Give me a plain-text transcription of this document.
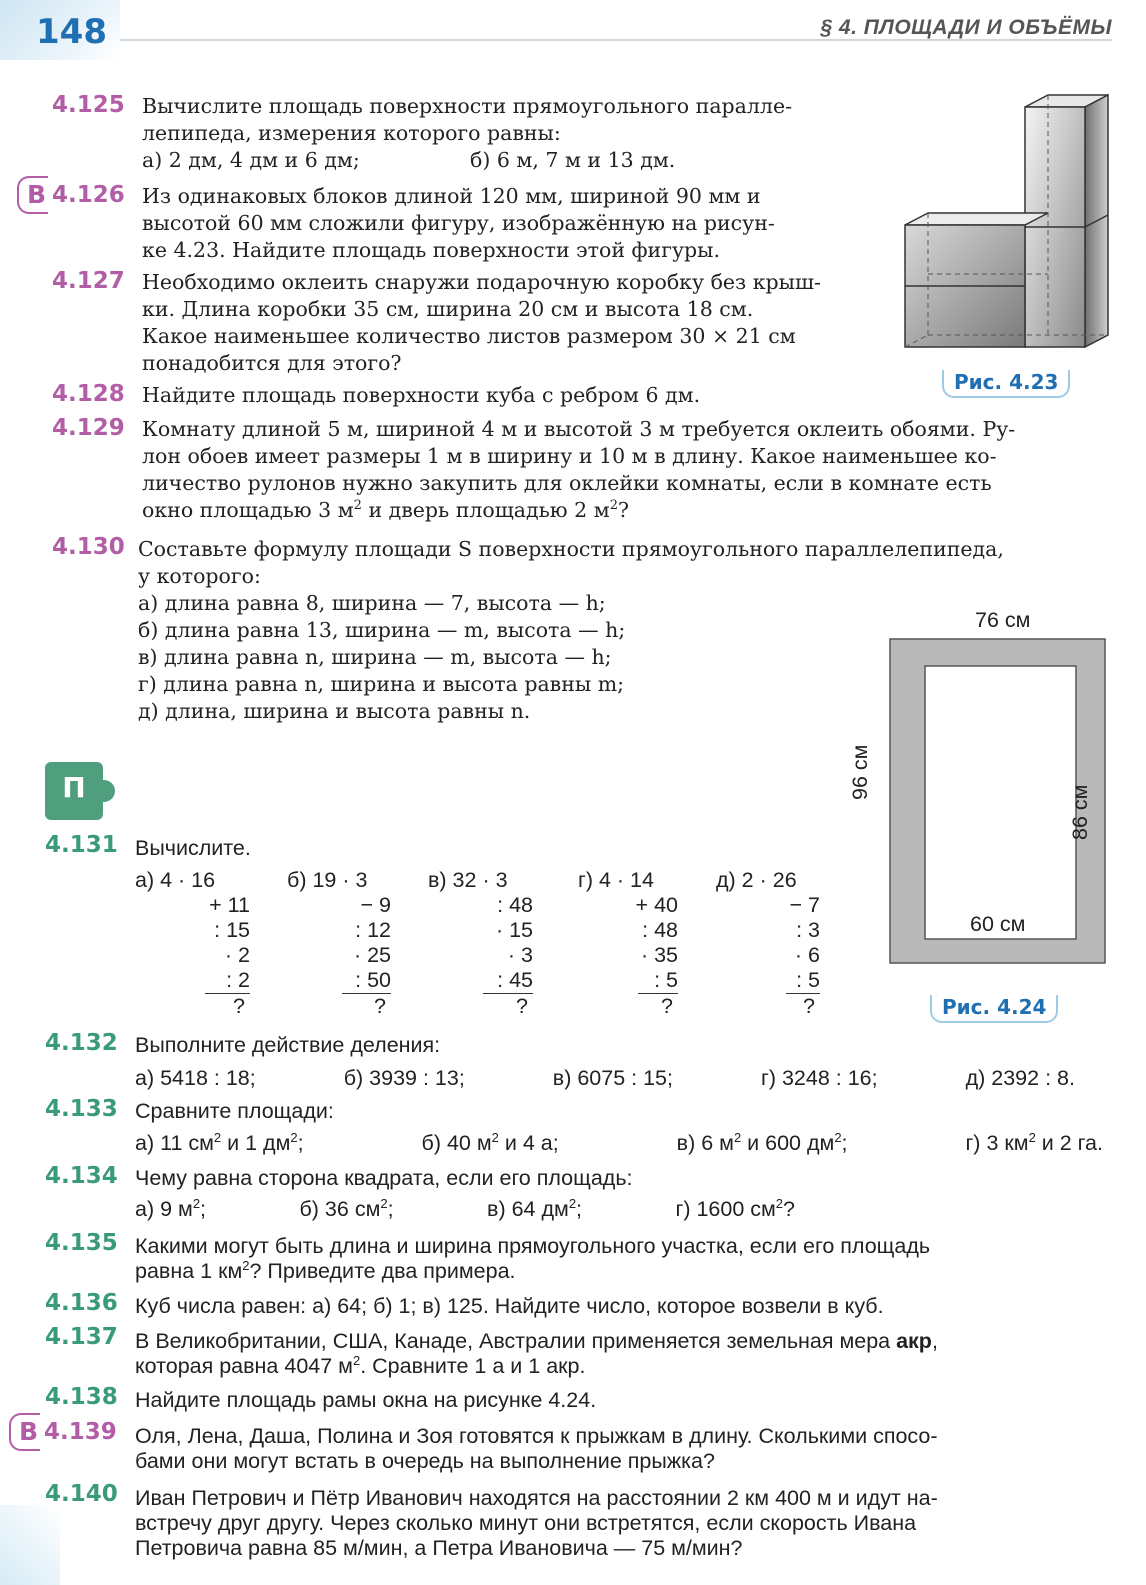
148	§ 4. ПЛОЩАДИ И ОБЪЁМЫ
4.125 Вычислите площадь поверхности прямоугольного паралле-
лепипеда, измерения которого равны:
а) 2 дм, 4 дм и 6 дм;	б) 6 м, 7 м и 13 дм.
В 4.126 Из одинаковых блоков длиной 120 мм, шириной 90 мм и
высотой 60 мм сложили фигуру, изображённую на рисун-
ке 4.23. Найдите площадь поверхности этой фигуры.
4.127 Необходимо оклеить снаружи подарочную коробку без крыш-
ки. Длина коробки 35 см, ширина 20 см и высота 18 см.
Какое наименьшее количество листов размером 30 × 21 см
понадобится для этого?
4.128 Найдите площадь поверхности куба с ребром 6 дм.
4.129 Комнату длиной 5 м, шириной 4 м и высотой 3 м требуется оклеить обоями. Ру-
лон обоев имеет размеры 1 м в ширину и 10 м в длину. Какое наименьшее ко-
личество рулонов нужно закупить для оклейки комнаты, если в комнате есть
окно площадью 3 $м^2$ и дверь площадью 2 $м^2$?
4.130 Составьте формулу площади S поверхности прямоугольного параллелепипеда,
у которого:
а) длина равна 8, ширина — 7, высота — h;
б) длина равна 13, ширина — m, высота — h;
в) длина равна n, ширина — m, высота — h;
г) длина равна n, ширина и высота равны m;
д) длина, ширина и высота равны n.
П
4.131 Вычислите.
а) 4 · 16
+ 11
: 15
· 2
: 2
?
б) 19 · 3
− 9
: 12
· 25
: 50
?
в) 32 · 3
: 48
· 15
· 3
: 45
?
г) 4 · 14
+ 40
: 48
· 35
: 5
?
д) 2 · 26
− 7
: 3
· 6
: 5
?
4.132 Выполните действие деления:
а) 5418 : 18;	б) 3939 : 13;	в) 6075 : 15;	г) 3248 : 16;	д) 2392 : 8.
4.133 Сравните площади:
а) 11 $см^2$ и 1 $дм^2$;	б) 40 $м^2$ и 4 а;	в) 6 $м^2$ и 600 $дм^2$;	г) 3 $км^2$ и 2 га.
4.134 Чему равна сторона квадрата, если его площадь:
а) 9 $м^2$;	б) 36 $см^2$;	в) 64 $дм^2$;	г) 1600 $см^2$?
4.135 Какими могут быть длина и ширина прямоугольного участка, если его площадь
равна 1 $км^2$? Приведите два примера.
4.136 Куб числа равен: а) 64; б) 1; в) 125. Найдите число, которое возвели в куб.
4.137 В Великобритании, США, Канаде, Австралии применяется земельная мера акр,
которая равна 4047 $м^2$. Сравните 1 а и 1 акр.
4.138 Найдите площадь рамы окна на рисунке 4.24.
В 4.139 Оля, Лена, Даша, Полина и Зоя готовятся к прыжкам в длину. Сколькими спосо-
бами они могут встать в очередь на выполнение прыжка?
4.140 Иван Петрович и Пётр Иванович находятся на расстоянии 2 км 400 м и идут на-
встречу друг другу. Через сколько минут они встретятся, если скорость Ивана
Петровича равна 85 м/мин, а Петра Ивановича — 75 м/мин?
Рис. 4.23
76 см
96 см
86 см
60 см
Рис. 4.24
